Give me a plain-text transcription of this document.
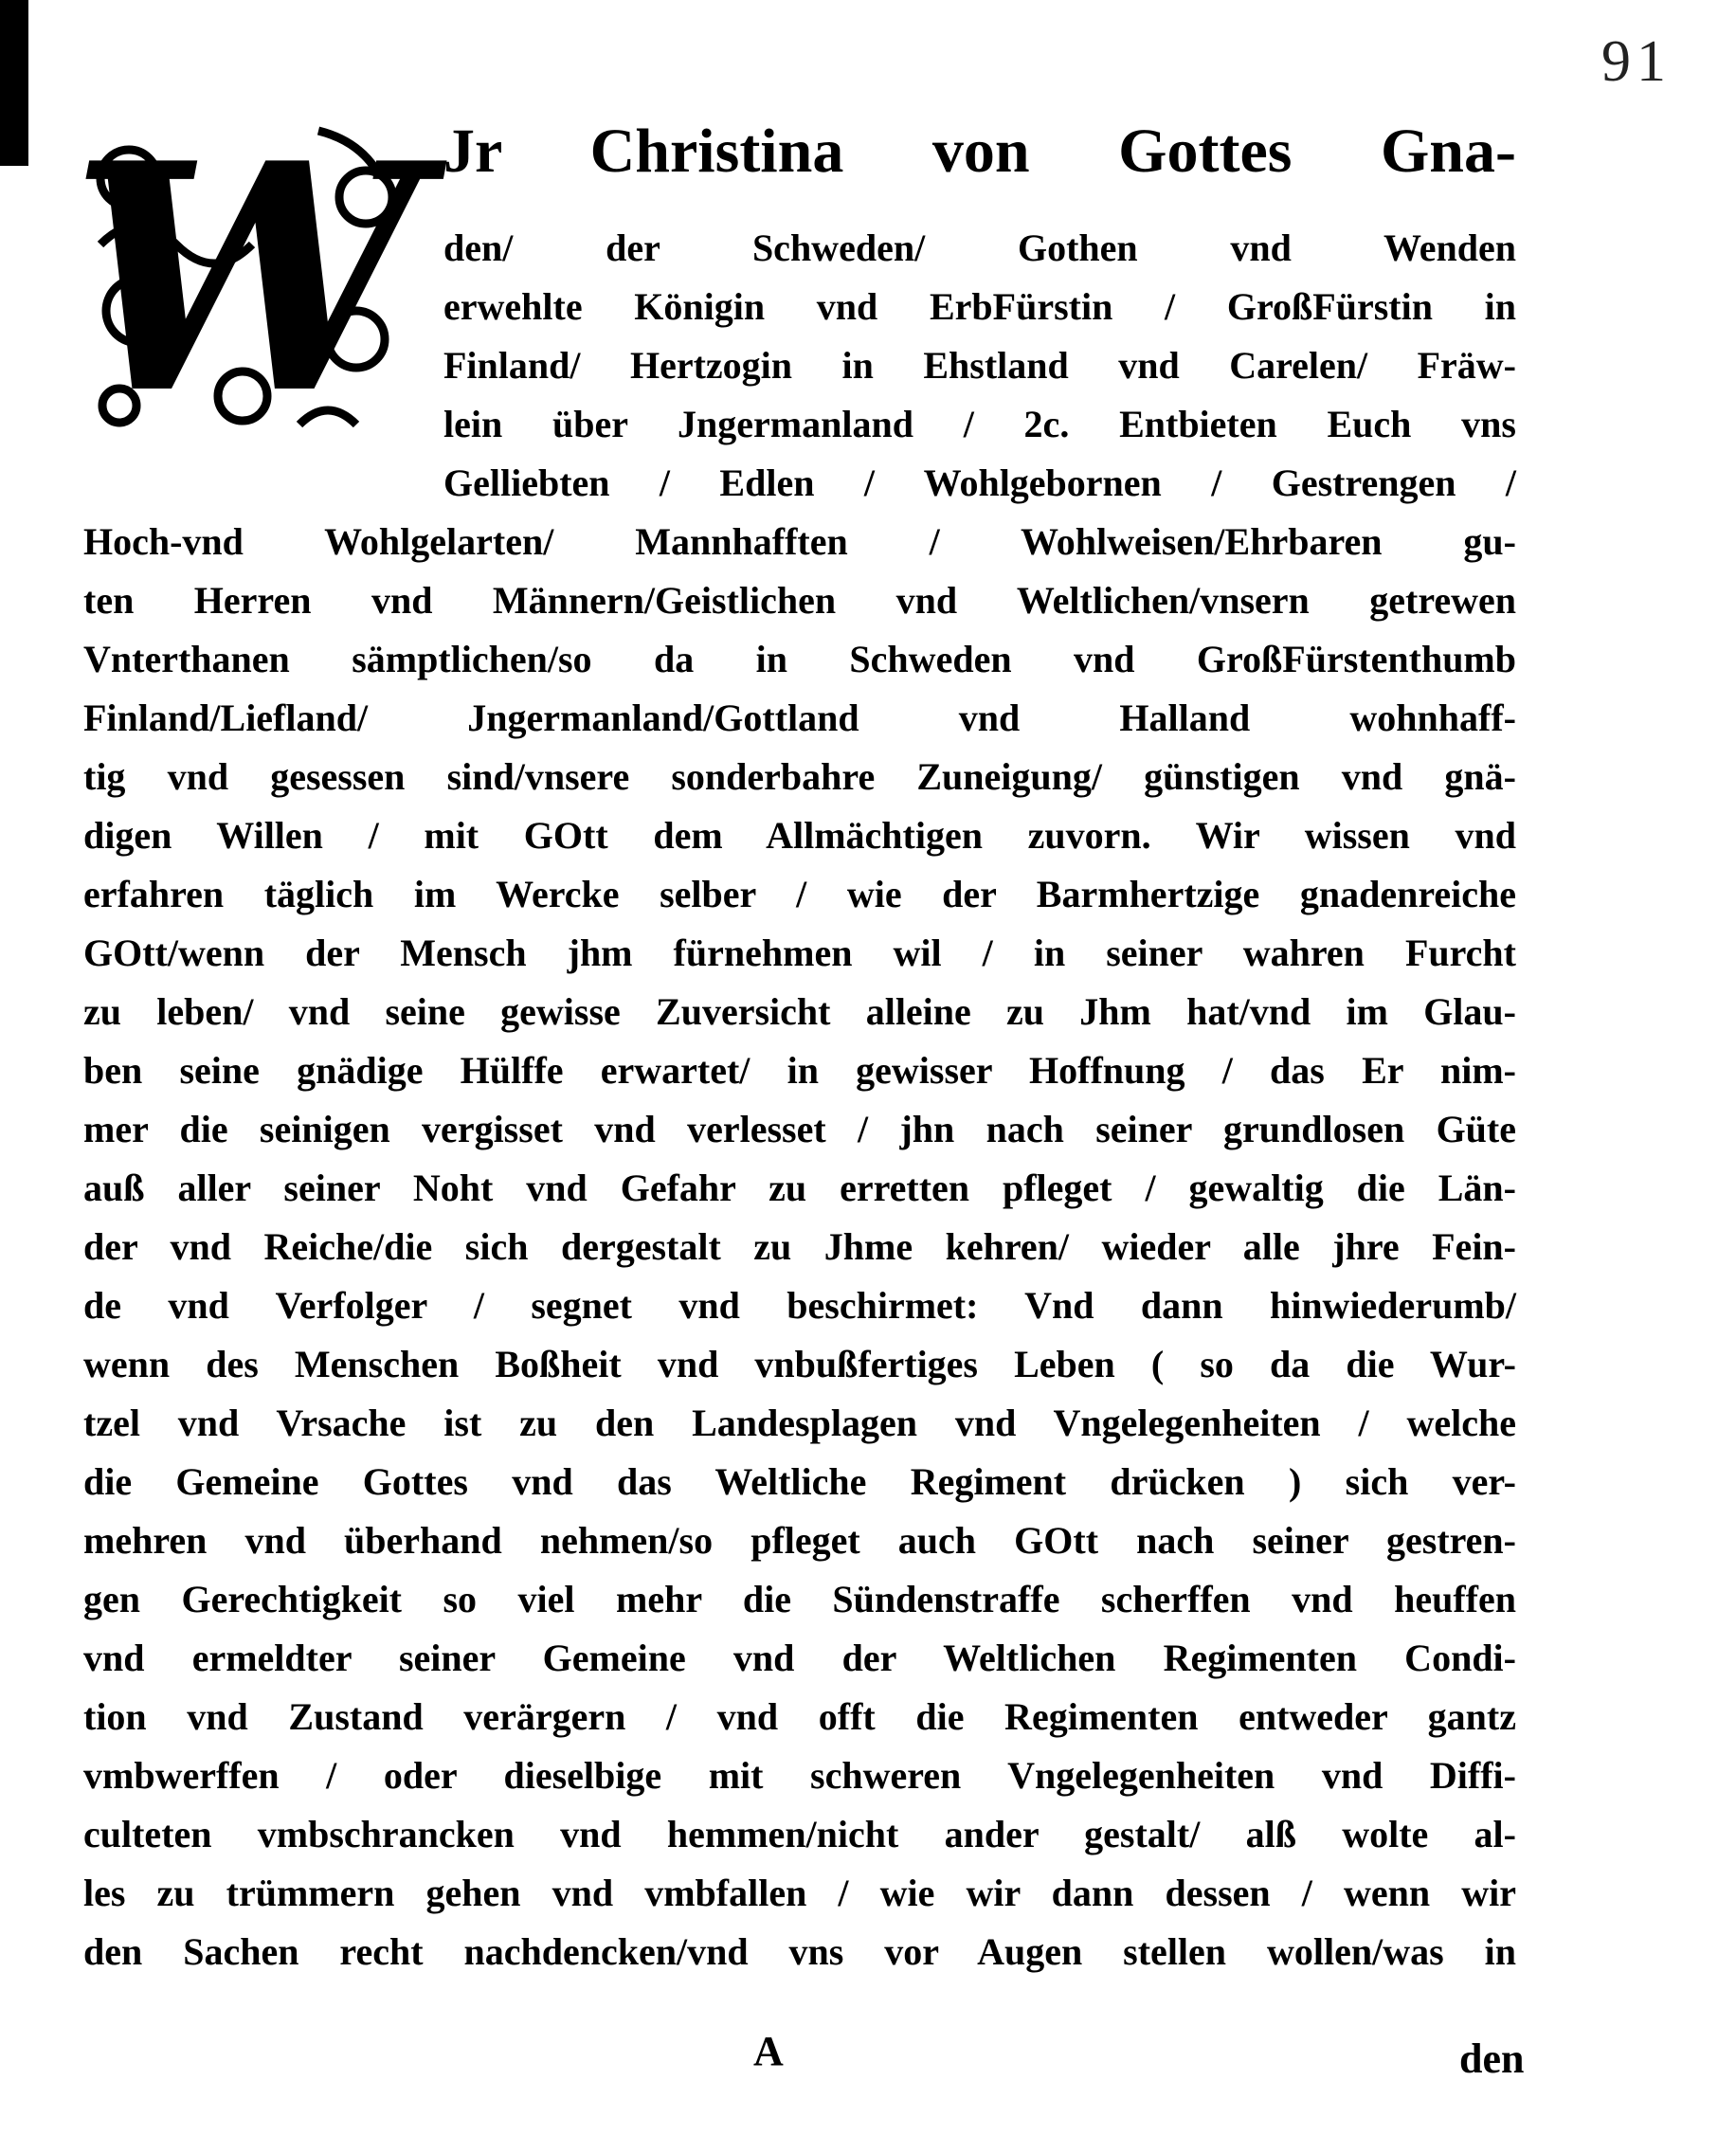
91
W Jr Christina von Gottes Gna-
den/ der Schweden/ Gothen vnd Wenden
erwehlte Königin vnd ErbFürstin / GroßFürstin in
Finland/ Hertzogin in Ehstland vnd Carelen/ Fräw-
lein über Jngermanland / 2c. Entbieten Euch vns
Gelliebten / Edlen / Wohlgebornen / Gestrengen /
Hoch-vnd Wohlgelarten/ Mannhafften / Wohlweisen/Ehrbaren gu-
ten Herren vnd Männern/Geistlichen vnd Weltlichen/vnsern getrewen
Vnterthanen sämptlichen/so da in Schweden vnd GroßFürstenthumb
Finland/Liefland/ Jngermanland/Gottland vnd Halland wohnhaff-
tig vnd gesessen sind/vnsere sonderbahre Zuneigung/ günstigen vnd gnä-
digen Willen / mit GOtt dem Allmächtigen zuvorn. Wir wissen vnd
erfahren täglich im Wercke selber / wie der Barmhertzige gnadenreiche
GOtt/wenn der Mensch jhm fürnehmen wil / in seiner wahren Furcht
zu leben/ vnd seine gewisse Zuversicht alleine zu Jhm hat/vnd im Glau-
ben seine gnädige Hülffe erwartet/ in gewisser Hoffnung / das Er nim-
mer die seinigen vergisset vnd verlesset / jhn nach seiner grundlosen Güte
auß aller seiner Noht vnd Gefahr zu erretten pfleget / gewaltig die Län-
der vnd Reiche/die sich dergestalt zu Jhme kehren/ wieder alle jhre Fein-
de vnd Verfolger / segnet vnd beschirmet: Vnd dann hinwiederumb/
wenn des Menschen Boßheit vnd vnbußfertiges Leben ( so da die Wur-
tzel vnd Vrsache ist zu den Landesplagen vnd Vngelegenheiten / welche
die Gemeine Gottes vnd das Weltliche Regiment drücken ) sich ver-
mehren vnd überhand nehmen/so pfleget auch GOtt nach seiner gestren-
gen Gerechtigkeit so viel mehr die Sündenstraffe scherffen vnd heuffen
vnd ermeldter seiner Gemeine vnd der Weltlichen Regimenten Condi-
tion vnd Zustand verärgern / vnd offt die Regimenten entweder gantz
vmbwerffen / oder dieselbige mit schweren Vngelegenheiten vnd Diffi-
culteten vmbschrancken vnd hemmen/nicht ander gestalt/ alß wolte al-
les zu trümmern gehen vnd vmbfallen / wie wir dann dessen / wenn wir
den Sachen recht nachdencken/vnd vns vor Augen stellen wollen/was in
A	den
